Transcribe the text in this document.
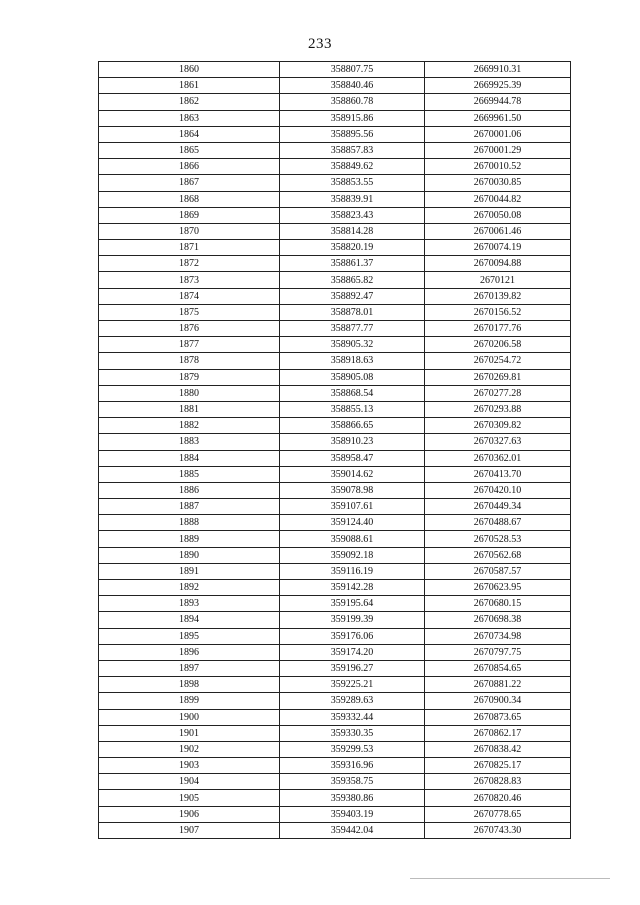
233
1860	358807.75	2669910.31
1861	358840.46	2669925.39
1862	358860.78	2669944.78
1863	358915.86	2669961.50
1864	358895.56	2670001.06
1865	358857.83	2670001.29
1866	358849.62	2670010.52
1867	358853.55	2670030.85
1868	358839.91	2670044.82
1869	358823.43	2670050.08
1870	358814.28	2670061.46
1871	358820.19	2670074.19
1872	358861.37	2670094.88
1873	358865.82	2670121
1874	358892.47	2670139.82
1875	358878.01	2670156.52
1876	358877.77	2670177.76
1877	358905.32	2670206.58
1878	358918.63	2670254.72
1879	358905.08	2670269.81
1880	358868.54	2670277.28
1881	358855.13	2670293.88
1882	358866.65	2670309.82
1883	358910.23	2670327.63
1884	358958.47	2670362.01
1885	359014.62	2670413.70
1886	359078.98	2670420.10
1887	359107.61	2670449.34
1888	359124.40	2670488.67
1889	359088.61	2670528.53
1890	359092.18	2670562.68
1891	359116.19	2670587.57
1892	359142.28	2670623.95
1893	359195.64	2670680.15
1894	359199.39	2670698.38
1895	359176.06	2670734.98
1896	359174.20	2670797.75
1897	359196.27	2670854.65
1898	359225.21	2670881.22
1899	359289.63	2670900.34
1900	359332.44	2670873.65
1901	359330.35	2670862.17
1902	359299.53	2670838.42
1903	359316.96	2670825.17
1904	359358.75	2670828.83
1905	359380.86	2670820.46
1906	359403.19	2670778.65
1907	359442.04	2670743.30
